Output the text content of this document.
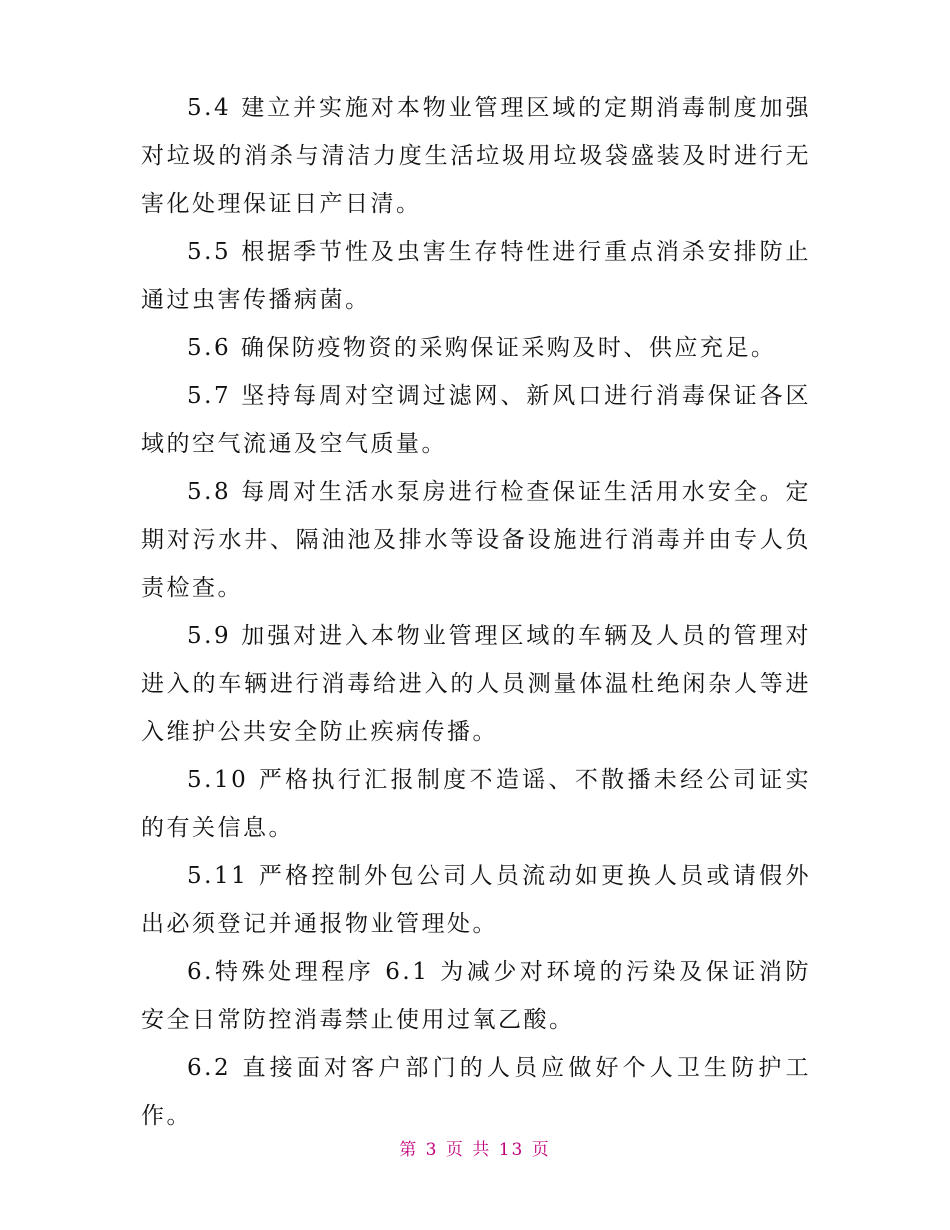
5.4 建立并实施对本物业管理区域的定期消毒制度加强对垃圾的消杀与清洁力度生活垃圾用垃圾袋盛装及时进行无害化处理保证日产日清。

5.5 根据季节性及虫害生存特性进行重点消杀安排防止通过虫害传播病菌。

5.6 确保防疫物资的采购保证采购及时、供应充足。

5.7 坚持每周对空调过滤网、新风口进行消毒保证各区域的空气流通及空气质量。

5.8 每周对生活水泵房进行检查保证生活用水安全。定期对污水井、隔油池及排水等设备设施进行消毒并由专人负责检查。

5.9 加强对进入本物业管理区域的车辆及人员的管理对进入的车辆进行消毒给进入的人员测量体温杜绝闲杂人等进入维护公共安全防止疾病传播。

5.10 严格执行汇报制度不造谣、不散播未经公司证实的有关信息。

5.11 严格控制外包公司人员流动如更换人员或请假外出必须登记并通报物业管理处。

6.特殊处理程序 6.1 为减少对环境的污染及保证消防安全日常防控消毒禁止使用过氧乙酸。

6.2 直接面对客户部门的人员应做好个人卫生防护工作。

第 3 页 共 13 页
